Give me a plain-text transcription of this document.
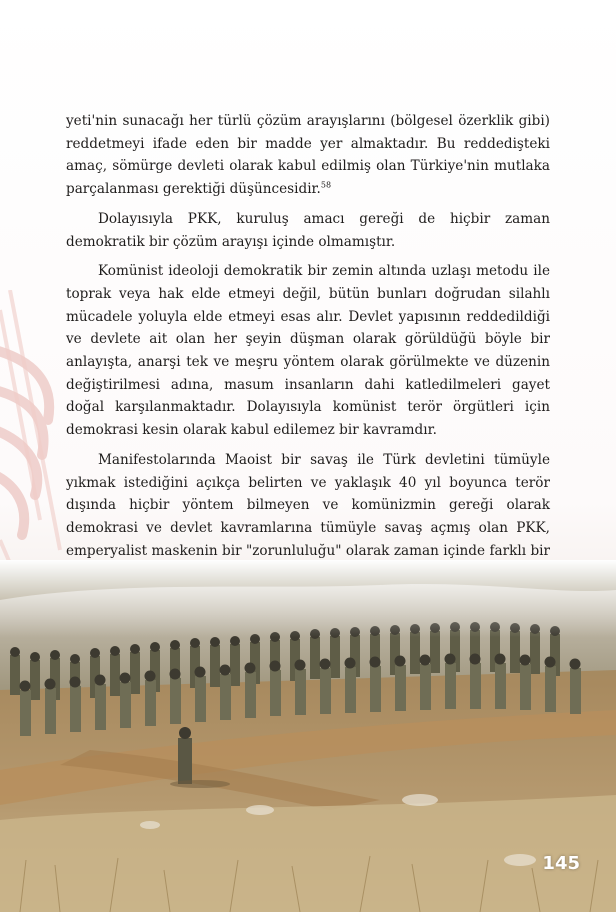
yeti'nin sunacağı her türlü çözüm arayışlarını (bölgesel özerklik gibi) reddetmeyi ifade eden bir madde yer almaktadır. Bu reddedişteki amaç, sömürge devleti olarak kabul edilmiş olan Türkiye'nin mutlaka parçalanması gerektiği düşüncesidir.$^{58}$

Dolayısıyla PKK, kuruluş amacı gereği de hiçbir zaman demokratik bir çözüm arayışı içinde olmamıştır.

Komünist ideoloji demokratik bir zemin altında uzlaşı metodu ile toprak veya hak elde etmeyi değil, bütün bunları doğrudan silahlı mücadele yoluyla elde etmeyi esas alır. Devlet yapısının reddedildiği ve devlete ait olan her şeyin düşman olarak görüldüğü böyle bir anlayışta, anarşi tek ve meşru yöntem olarak görülmekte ve düzenin değiştirilmesi adına, masum insanların dahi katledilmeleri gayet doğal karşılanmaktadır. Dolayısıyla komünist terör örgütleri için demokrasi kesin olarak kabul edilemez bir kavramdır.

Manifestolarında Maoist bir savaş ile Türk devletini tümüyle yıkmak istediğini açıkça belirten ve yaklaşık 40 yıl boyunca terör dışında hiçbir yöntem bilmeyen ve komünizmin gereği olarak demokrasi ve devlet kavramlarına tümüyle savaş açmış olan PKK, emperyalist maskenin bir "zorunluluğu" olarak zaman içinde farklı bir

145
